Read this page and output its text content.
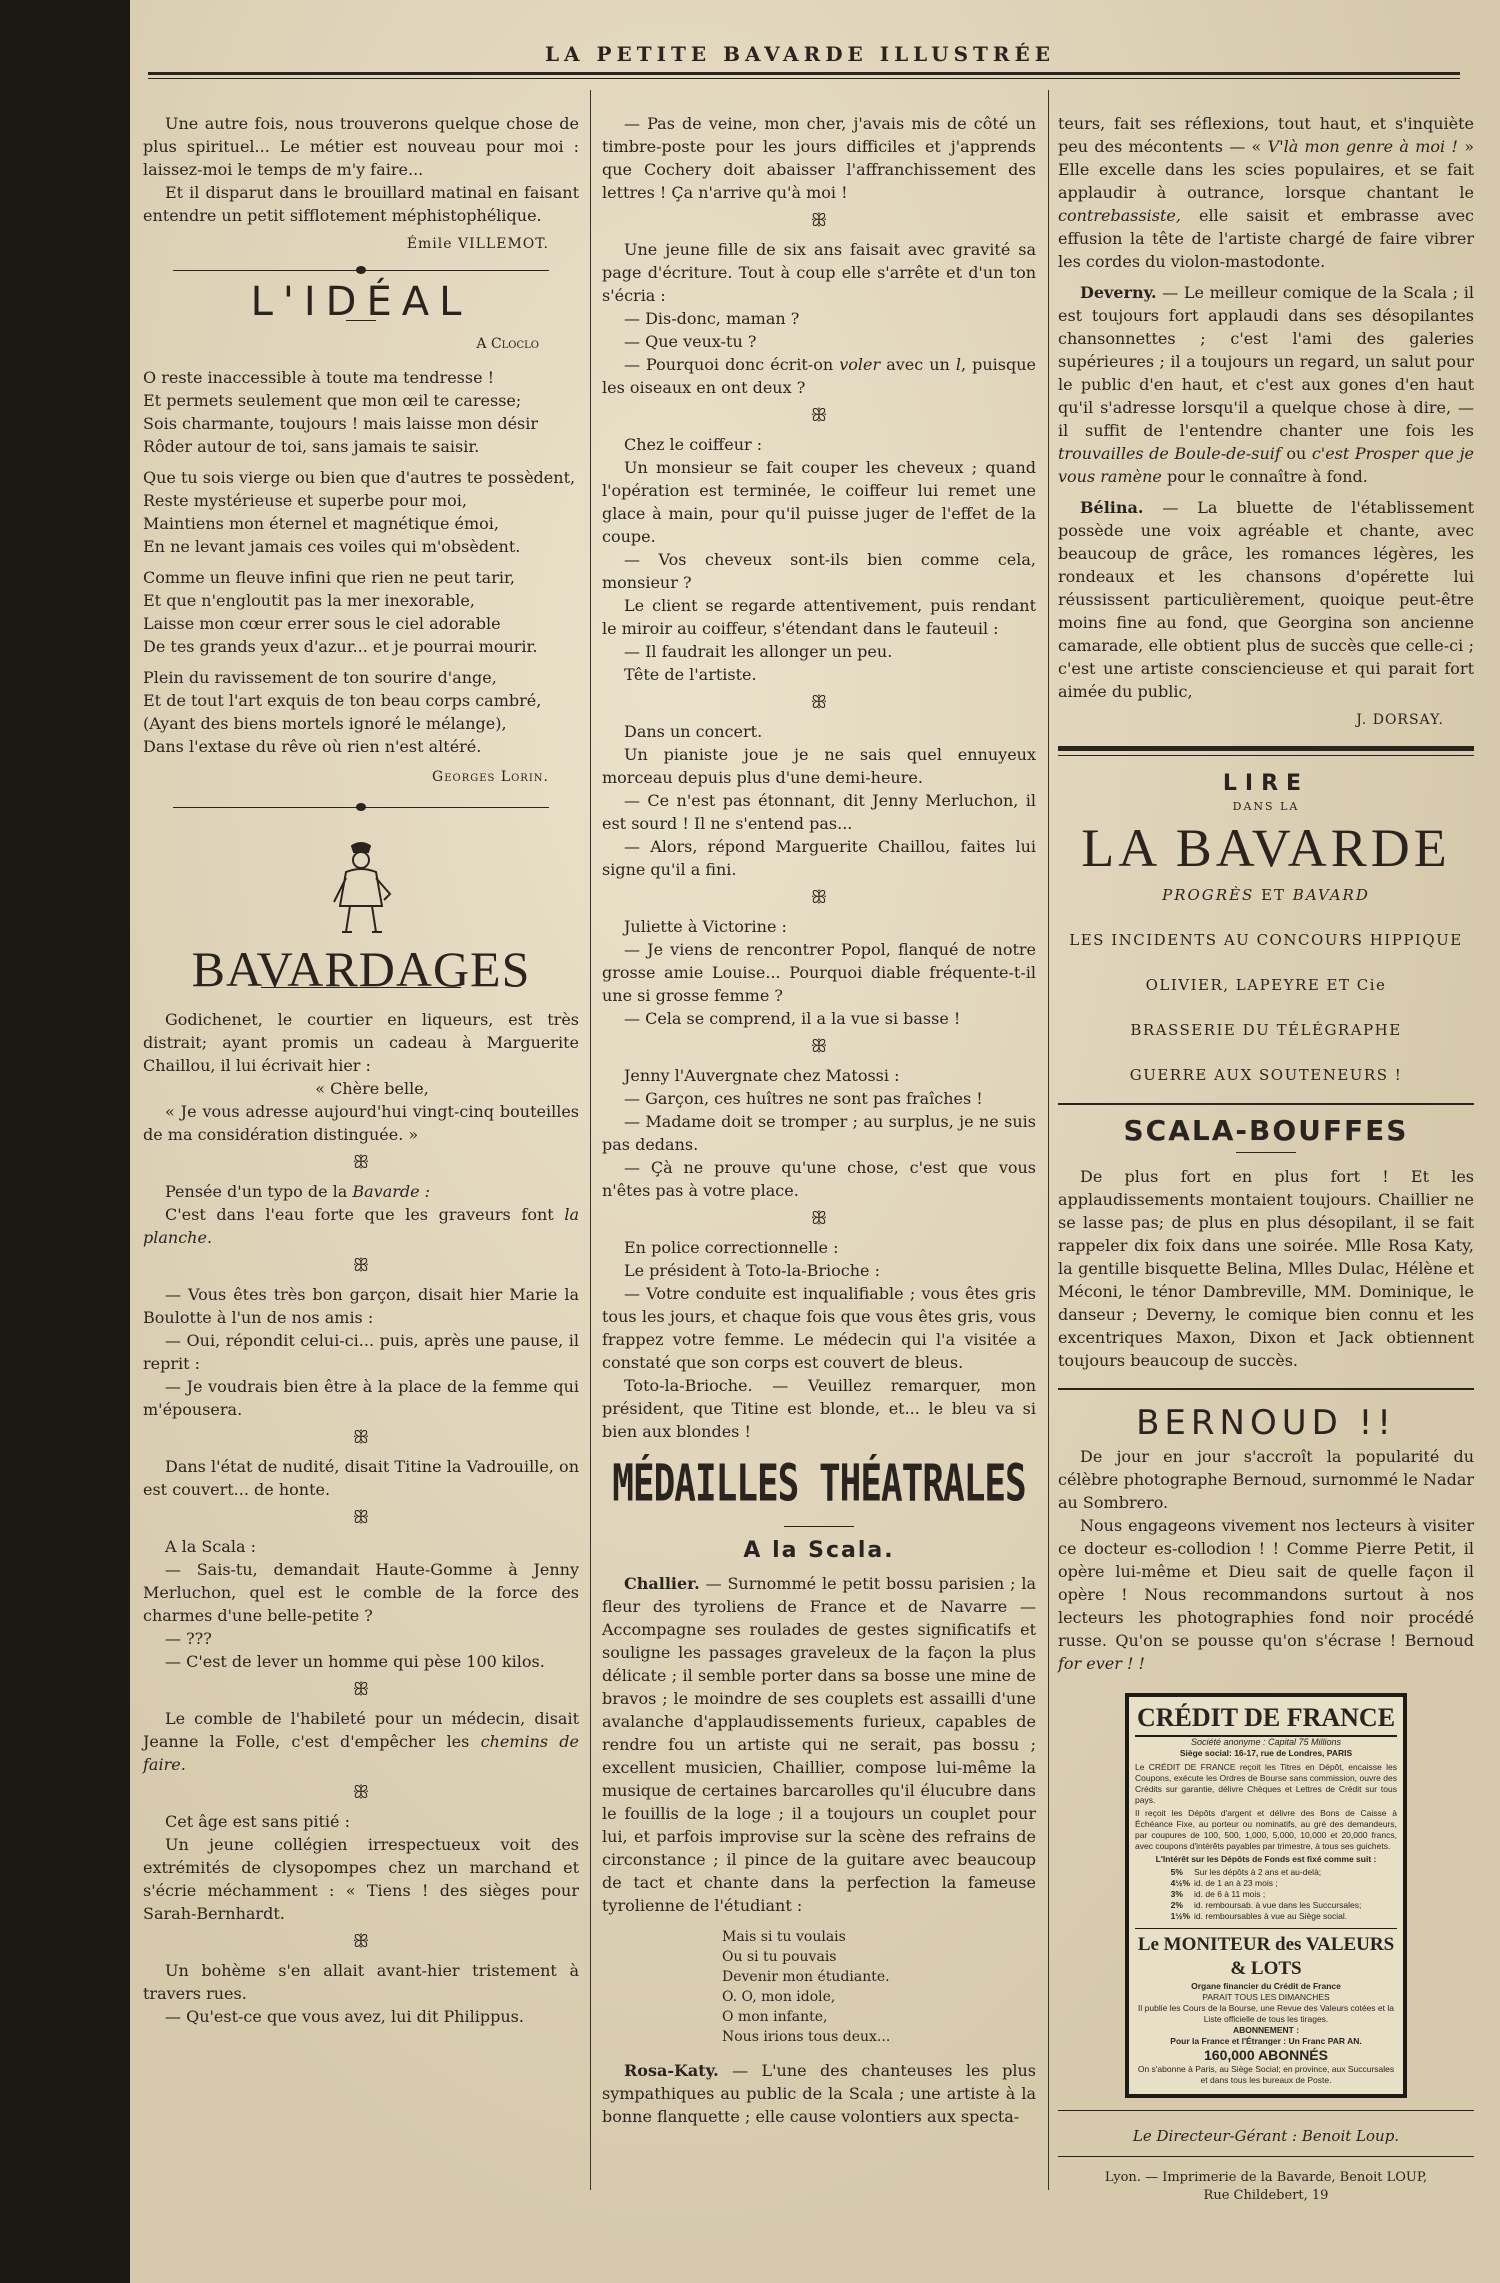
LA PETITE BAVARDE ILLUSTRÉE

Une autre fois, nous trouverons quelque chose de plus spirituel... Le métier est nouveau pour moi : laissez-moi le temps de m'y faire...

Et il disparut dans le brouillard matinal en faisant entendre un petit sifflotement méphistophélique.

Émile VILLEMOT.
L'IDÉAL
A Cloclo

O reste inaccessible à toute ma tendresse !

Et permets seulement que mon œil te caresse;

Sois charmante, toujours ! mais laisse mon désir

Rôder autour de toi, sans jamais te saisir.

Que tu sois vierge ou bien que d'autres te possèdent,

Reste mystérieuse et superbe pour moi,

Maintiens mon éternel et magnétique émoi,

En ne levant jamais ces voiles qui m'obsèdent.

Comme un fleuve infini que rien ne peut tarir,

Et que n'engloutit pas la mer inexorable,

Laisse mon cœur errer sous le ciel adorable

De tes grands yeux d'azur... et je pourrai mourir.

Plein du ravissement de ton sourire d'ange,

Et de tout l'art exquis de ton beau corps cambré,

(Ayant des biens mortels ignoré le mélange),

Dans l'extase du rêve où rien n'est altéré.

Georges Lorin.
BAVARDAGES

Godichenet, le courtier en liqueurs, est très distrait; ayant promis un cadeau à Marguerite Chaillou, il lui écrivait hier :

« Chère belle,

« Je vous adresse aujourd'hui vingt-cinq bouteilles de ma considération distinguée. »

ꕥ

Pensée d'un typo de la Bavarde :

C'est dans l'eau forte que les graveurs font la planche.

ꕥ

— Vous êtes très bon garçon, disait hier Marie la Boulotte à l'un de nos amis :

— Oui, répondit celui-ci... puis, après une pause, il reprit :

— Je voudrais bien être à la place de la femme qui m'épousera.

ꕥ

Dans l'état de nudité, disait Titine la Vadrouille, on est couvert... de honte.

ꕥ

A la Scala :

— Sais-tu, demandait Haute-Gomme à Jenny Merluchon, quel est le comble de la force des charmes d'une belle-petite ?

— ???

— C'est de lever un homme qui pèse 100 kilos.

ꕥ

Le comble de l'habileté pour un médecin, disait Jeanne la Folle, c'est d'empêcher les chemins de faire.

ꕥ

Cet âge est sans pitié :

Un jeune collégien irrespectueux voit des extrémités de clysopompes chez un marchand et s'écrie méchamment : « Tiens ! des sièges pour Sarah-Bernhardt.

ꕥ

Un bohème s'en allait avant-hier tristement à travers rues.

— Qu'est-ce que vous avez, lui dit Philippus.

— Pas de veine, mon cher, j'avais mis de côté un timbre-poste pour les jours difficiles et j'apprends que Cochery doit abaisser l'affranchissement des lettres ! Ça n'arrive qu'à moi !

ꕥ

Une jeune fille de six ans faisait avec gravité sa page d'écriture. Tout à coup elle s'arrête et d'un ton s'écria :

— Dis-donc, maman ?

— Que veux-tu ?

— Pourquoi donc écrit-on voler avec un l, puisque les oiseaux en ont deux ?

ꕥ

Chez le coiffeur :

Un monsieur se fait couper les cheveux ; quand l'opération est terminée, le coiffeur lui remet une glace à main, pour qu'il puisse juger de l'effet de la coupe.

— Vos cheveux sont-ils bien comme cela, monsieur ?

Le client se regarde attentivement, puis rendant le miroir au coiffeur, s'étendant dans le fauteuil :

— Il faudrait les allonger un peu.

Tête de l'artiste.

ꕥ

Dans un concert.

Un pianiste joue je ne sais quel ennuyeux morceau depuis plus d'une demi-heure.

— Ce n'est pas étonnant, dit Jenny Merluchon, il est sourd ! Il ne s'entend pas...

— Alors, répond Marguerite Chaillou, faites lui signe qu'il a fini.

ꕥ

Juliette à Victorine :

— Je viens de rencontrer Popol, flanqué de notre grosse amie Louise... Pourquoi diable fréquente-t-il une si grosse femme ?

— Cela se comprend, il a la vue si basse !

ꕥ

Jenny l'Auvergnate chez Matossi :

— Garçon, ces huîtres ne sont pas fraîches !

— Madame doit se tromper ; au surplus, je ne suis pas dedans.

— Çà ne prouve qu'une chose, c'est que vous n'êtes pas à votre place.

ꕥ

En police correctionnelle :

Le président à Toto-la-Brioche :

— Votre conduite est inqualifiable ; vous êtes gris tous les jours, et chaque fois que vous êtes gris, vous frappez votre femme. Le médecin qui l'a visitée a constaté que son corps est couvert de bleus.

Toto-la-Brioche. — Veuillez remarquer, mon président, que Titine est blonde, et... le bleu va si bien aux blondes !

MÉDAILLES THÉATRALES
A la Scala.

Challier. — Surnommé le petit bossu parisien ; la fleur des tyroliens de France et de Navarre — Accompagne ses roulades de gestes significatifs et souligne les passages graveleux de la façon la plus délicate ; il semble porter dans sa bosse une mine de bravos ; le moindre de ses couplets est assailli d'une avalanche d'applaudissements furieux, capables de rendre fou un artiste qui ne serait, pas bossu ; excellent musicien, Chaillier, compose lui-même la musique de certaines barcarolles qu'il élucubre dans le fouillis de la loge ; il a toujours un couplet pour lui, et parfois improvise sur la scène des refrains de circonstance ; il pince de la guitare avec beaucoup de tact et chante dans la perfection la fameuse tyrolienne de l'étudiant :

Mais si tu voulais

Ou si tu pouvais

Devenir mon étudiante.

O. O, mon idole,

O mon infante,

Nous irions tous deux...

Rosa-Katy. — L'une des chanteuses les plus sympathiques au public de la Scala ; une artiste à la bonne flanquette ; elle cause volontiers aux specta-

teurs, fait ses réflexions, tout haut, et s'inquiète peu des mécontents — « V'là mon genre à moi ! » Elle excelle dans les scies populaires, et se fait applaudir à outrance, lorsque chantant le contrebassiste, elle saisit et embrasse avec effusion la tête de l'artiste chargé de faire vibrer les cordes du violon-mastodonte.

Deverny. — Le meilleur comique de la Scala ; il est toujours fort applaudi dans ses désopilantes chansonnettes ; c'est l'ami des galeries supérieures ; il a toujours un regard, un salut pour le public d'en haut, et c'est aux gones d'en haut qu'il s'adresse lorsqu'il a quelque chose à dire, — il suffit de l'entendre chanter une fois les trouvailles de Boule-de-suif ou c'est Prosper que je vous ramène pour le connaître à fond.

Bélina. — La bluette de l'établissement possède une voix agréable et chante, avec beaucoup de grâce, les romances légères, les rondeaux et les chansons d'opérette lui réussissent particulièrement, quoique peut-être moins fine au fond, que Georgina son ancienne camarade, elle obtient plus de succès que celle-ci ; c'est une artiste consciencieuse et qui parait fort aimée du public,

J. DORSAY.
LIRE
DANS LA
LA BAVARDE
PROGRÈS ET BAVARD
LES INCIDENTS AU CONCOURS HIPPIQUE
OLIVIER, LAPEYRE ET Cie
BRASSERIE DU TÉLÉGRAPHE
GUERRE AUX SOUTENEURS !
SCALA-BOUFFES

De plus fort en plus fort ! Et les applaudissements montaient toujours. Chaillier ne se lasse pas; de plus en plus désopilant, il se fait rappeler dix foix dans une soirée. Mlle Rosa Katy, la gentille bisquette Belina, Mlles Dulac, Hélène et Méconi, le ténor Dambreville, MM. Dominique, le danseur ; Deverny, le comique bien connu et les excentriques Maxon, Dixon et Jack obtiennent toujours beaucoup de succès.

BERNOUD !!

De jour en jour s'accroît la popularité du célèbre photographe Bernoud, surnommé le Nadar au Sombrero.

Nous engageons vivement nos lecteurs à visiter ce docteur es-collodion ! ! Comme Pierre Petit, il opère lui-même et Dieu sait de quelle façon il opère ! Nous recommandons surtout à nos lecteurs les photographies fond noir procédé russe. Qu'on se pousse qu'on s'écrase ! Bernoud for ever ! !

CRÉDIT DE FRANCE
Société anonyme : Capital 75 Millions
Siège social: 16-17, rue de Londres, PARIS
Le CRÉDIT DE FRANCE reçoit les Titres en Dépôt, encaisse les Coupons, exécute les Ordres de Bourse sans commission, ouvre des Crédits sur garantie, délivre Chèques et Lettres de Crédit sur tous pays.
Il reçoit les Dépôts d'argent et délivre des Bons de Caisse à Échéance Fixe, au porteur ou nominatifs, au gré des demandeurs, par coupures de 100, 500, 1,000, 5,000, 10,000 et 20,000 francs, avec coupons d'intérêts payables par trimestre, à tous ses guichets.
L'Intérêt sur les Dépôts de Fonds est fixé comme suit :
5%	Sur les dépôts à 2 ans et au-delà;
4½%	id. de 1 an à 23 mois ;
3%	id. de 6 à 11 mois ;
2%	id. remboursab. à vue dans les Succursales;
1½%	id. remboursables à vue au Siège social.
Le MONITEUR des VALEURS & LOTS
Organe financier du Crédit de France
PARAIT TOUS LES DIMANCHES
Il publie les Cours de la Bourse, une Revue des Valeurs cotées et la Liste officielle de tous les tirages.
ABONNEMENT :
Pour la France et l'Étranger : Un Franc PAR AN.
160,000 ABONNÉS
On s'abonne à Paris, au Siège Social; en province, aux Succursales et dans tous les bureaux de Poste.
Le Directeur-Gérant : Benoit Loup.
Lyon. — Imprimerie de la Bavarde, Benoit LOUP,
Rue Childebert, 19
